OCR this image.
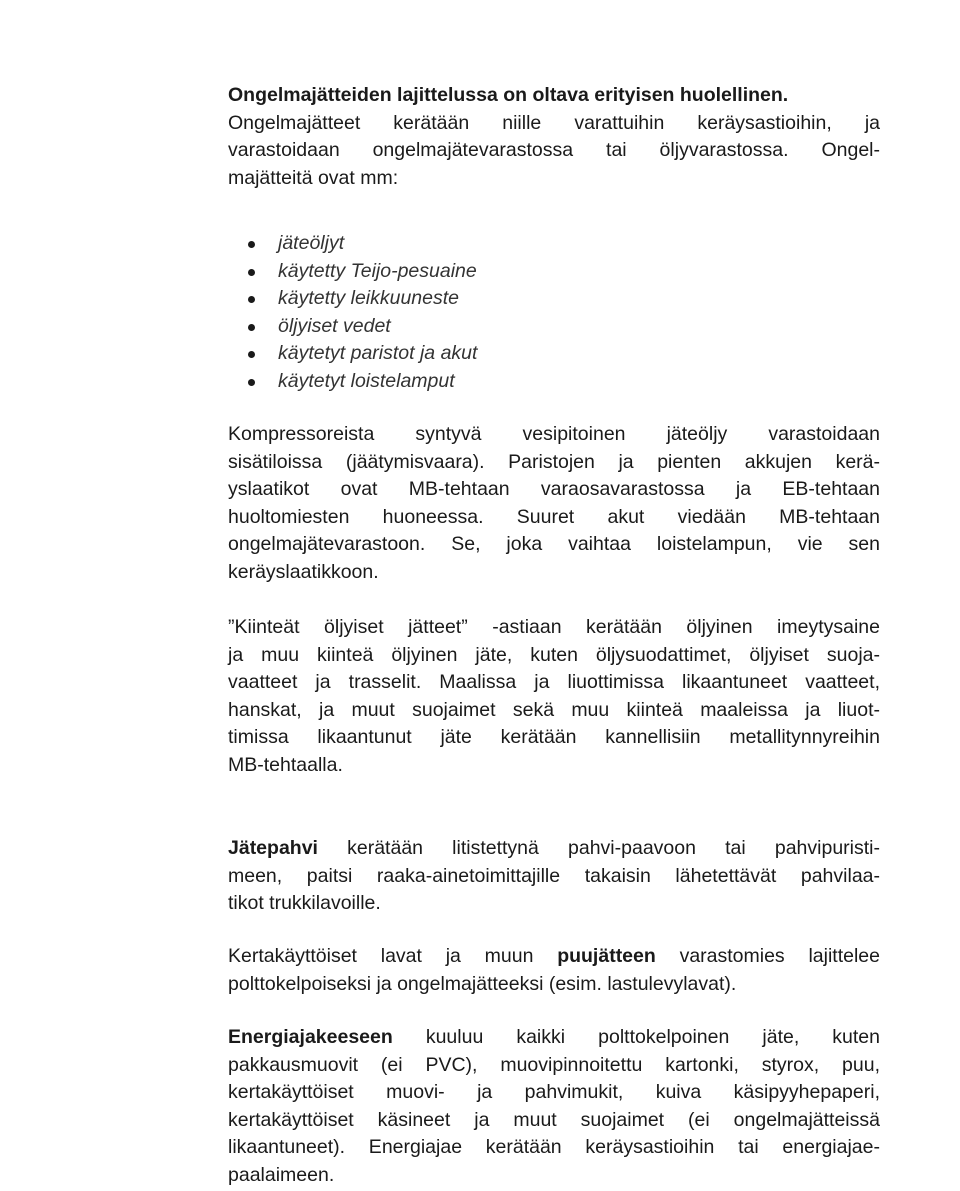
Ongelmajätteiden lajittelussa on oltava erityisen huolellinen.
Ongelmajätteet kerätään niille varattuihin keräysastioihin, ja
varastoidaan ongelmajätevarastossa tai öljyvarastossa. Ongel-
majätteitä ovat mm:
jäteöljyt
käytetty Teijo-pesuaine
käytetty leikkuuneste
öljyiset vedet
käytetyt paristot ja akut
käytetyt loistelamput
Kompressoreista syntyvä vesipitoinen jäteöljy varastoidaan
sisätiloissa (jäätymisvaara). Paristojen ja pienten akkujen kerä-
yslaatikot ovat MB-tehtaan varaosavarastossa ja EB-tehtaan
huoltomiesten huoneessa. Suuret akut viedään MB-tehtaan
ongelmajätevarastoon. Se, joka vaihtaa loistelampun, vie sen
keräyslaatikkoon.
”Kiinteät öljyiset jätteet” -astiaan kerätään öljyinen imeytysaine
ja muu kiinteä öljyinen jäte, kuten öljysuodattimet, öljyiset suoja-
vaatteet ja trasselit. Maalissa ja liuottimissa likaantuneet vaatteet,
hanskat, ja muut suojaimet sekä muu kiinteä maaleissa ja liuot-
timissa likaantunut jäte kerätään kannellisiin metallitynnyreihin
MB-tehtaalla.
Jätepahvi kerätään litistettynä pahvi-paavoon tai pahvipuristi-
meen, paitsi raaka-ainetoimittajille takaisin lähetettävät pahvilaa-
tikot trukkilavoille.
Kertakäyttöiset lavat ja muun puujätteen varastomies lajittelee
polttokelpoiseksi ja ongelmajätteeksi (esim. lastulevylavat).
Energiajakeeseen kuuluu kaikki polttokelpoinen jäte, kuten
pakkausmuovit (ei PVC), muovipinnoitettu kartonki, styrox, puu,
kertakäyttöiset muovi- ja pahvimukit, kuiva käsipyyhepaperi,
kertakäyttöiset käsineet ja muut suojaimet (ei ongelmajätteissä
likaantuneet). Energiajae kerätään keräysastioihin tai energiajae-
paalaimeen.
